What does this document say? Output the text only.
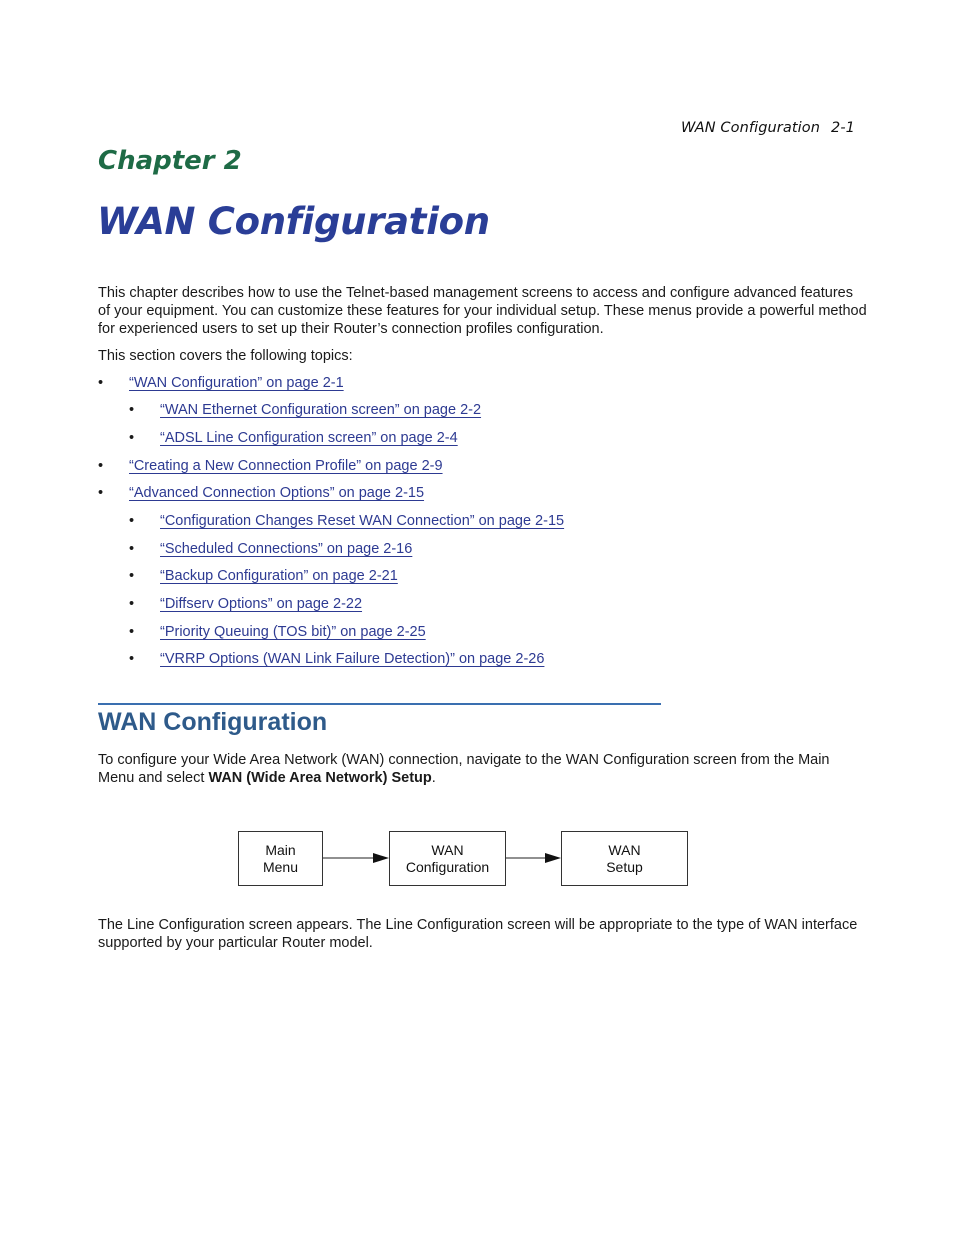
WAN Configuration 2-1
Chapter 2
WAN Configuration

This chapter describes how to use the Telnet-based management screens to access and configure advanced features of your equipment. You can customize these features for your individual setup. These menus provide a powerful method for experienced users to set up their Router’s connection profiles configuration.

This section covers the following topics:

• “WAN Configuration” on page 2-1
• “WAN Ethernet Configuration screen” on page 2-2
• “ADSL Line Configuration screen” on page 2-4
• “Creating a New Connection Profile” on page 2-9
• “Advanced Connection Options” on page 2-15
• “Configuration Changes Reset WAN Connection” on page 2-15
• “Scheduled Connections” on page 2-16
• “Backup Configuration” on page 2-21
• “Diffserv Options” on page 2-22
• “Priority Queuing (TOS bit)” on page 2-25
• “VRRP Options (WAN Link Failure Detection)” on page 2-26
WAN Configuration

To configure your Wide Area Network (WAN) connection, navigate to the WAN Configuration screen from the Main Menu and select WAN (Wide Area Network) Setup.

Main
Menu
WAN
Configuration
WAN
Setup

The Line Configuration screen appears. The Line Configuration screen will be appropriate to the type of WAN interface supported by your particular Router model.
